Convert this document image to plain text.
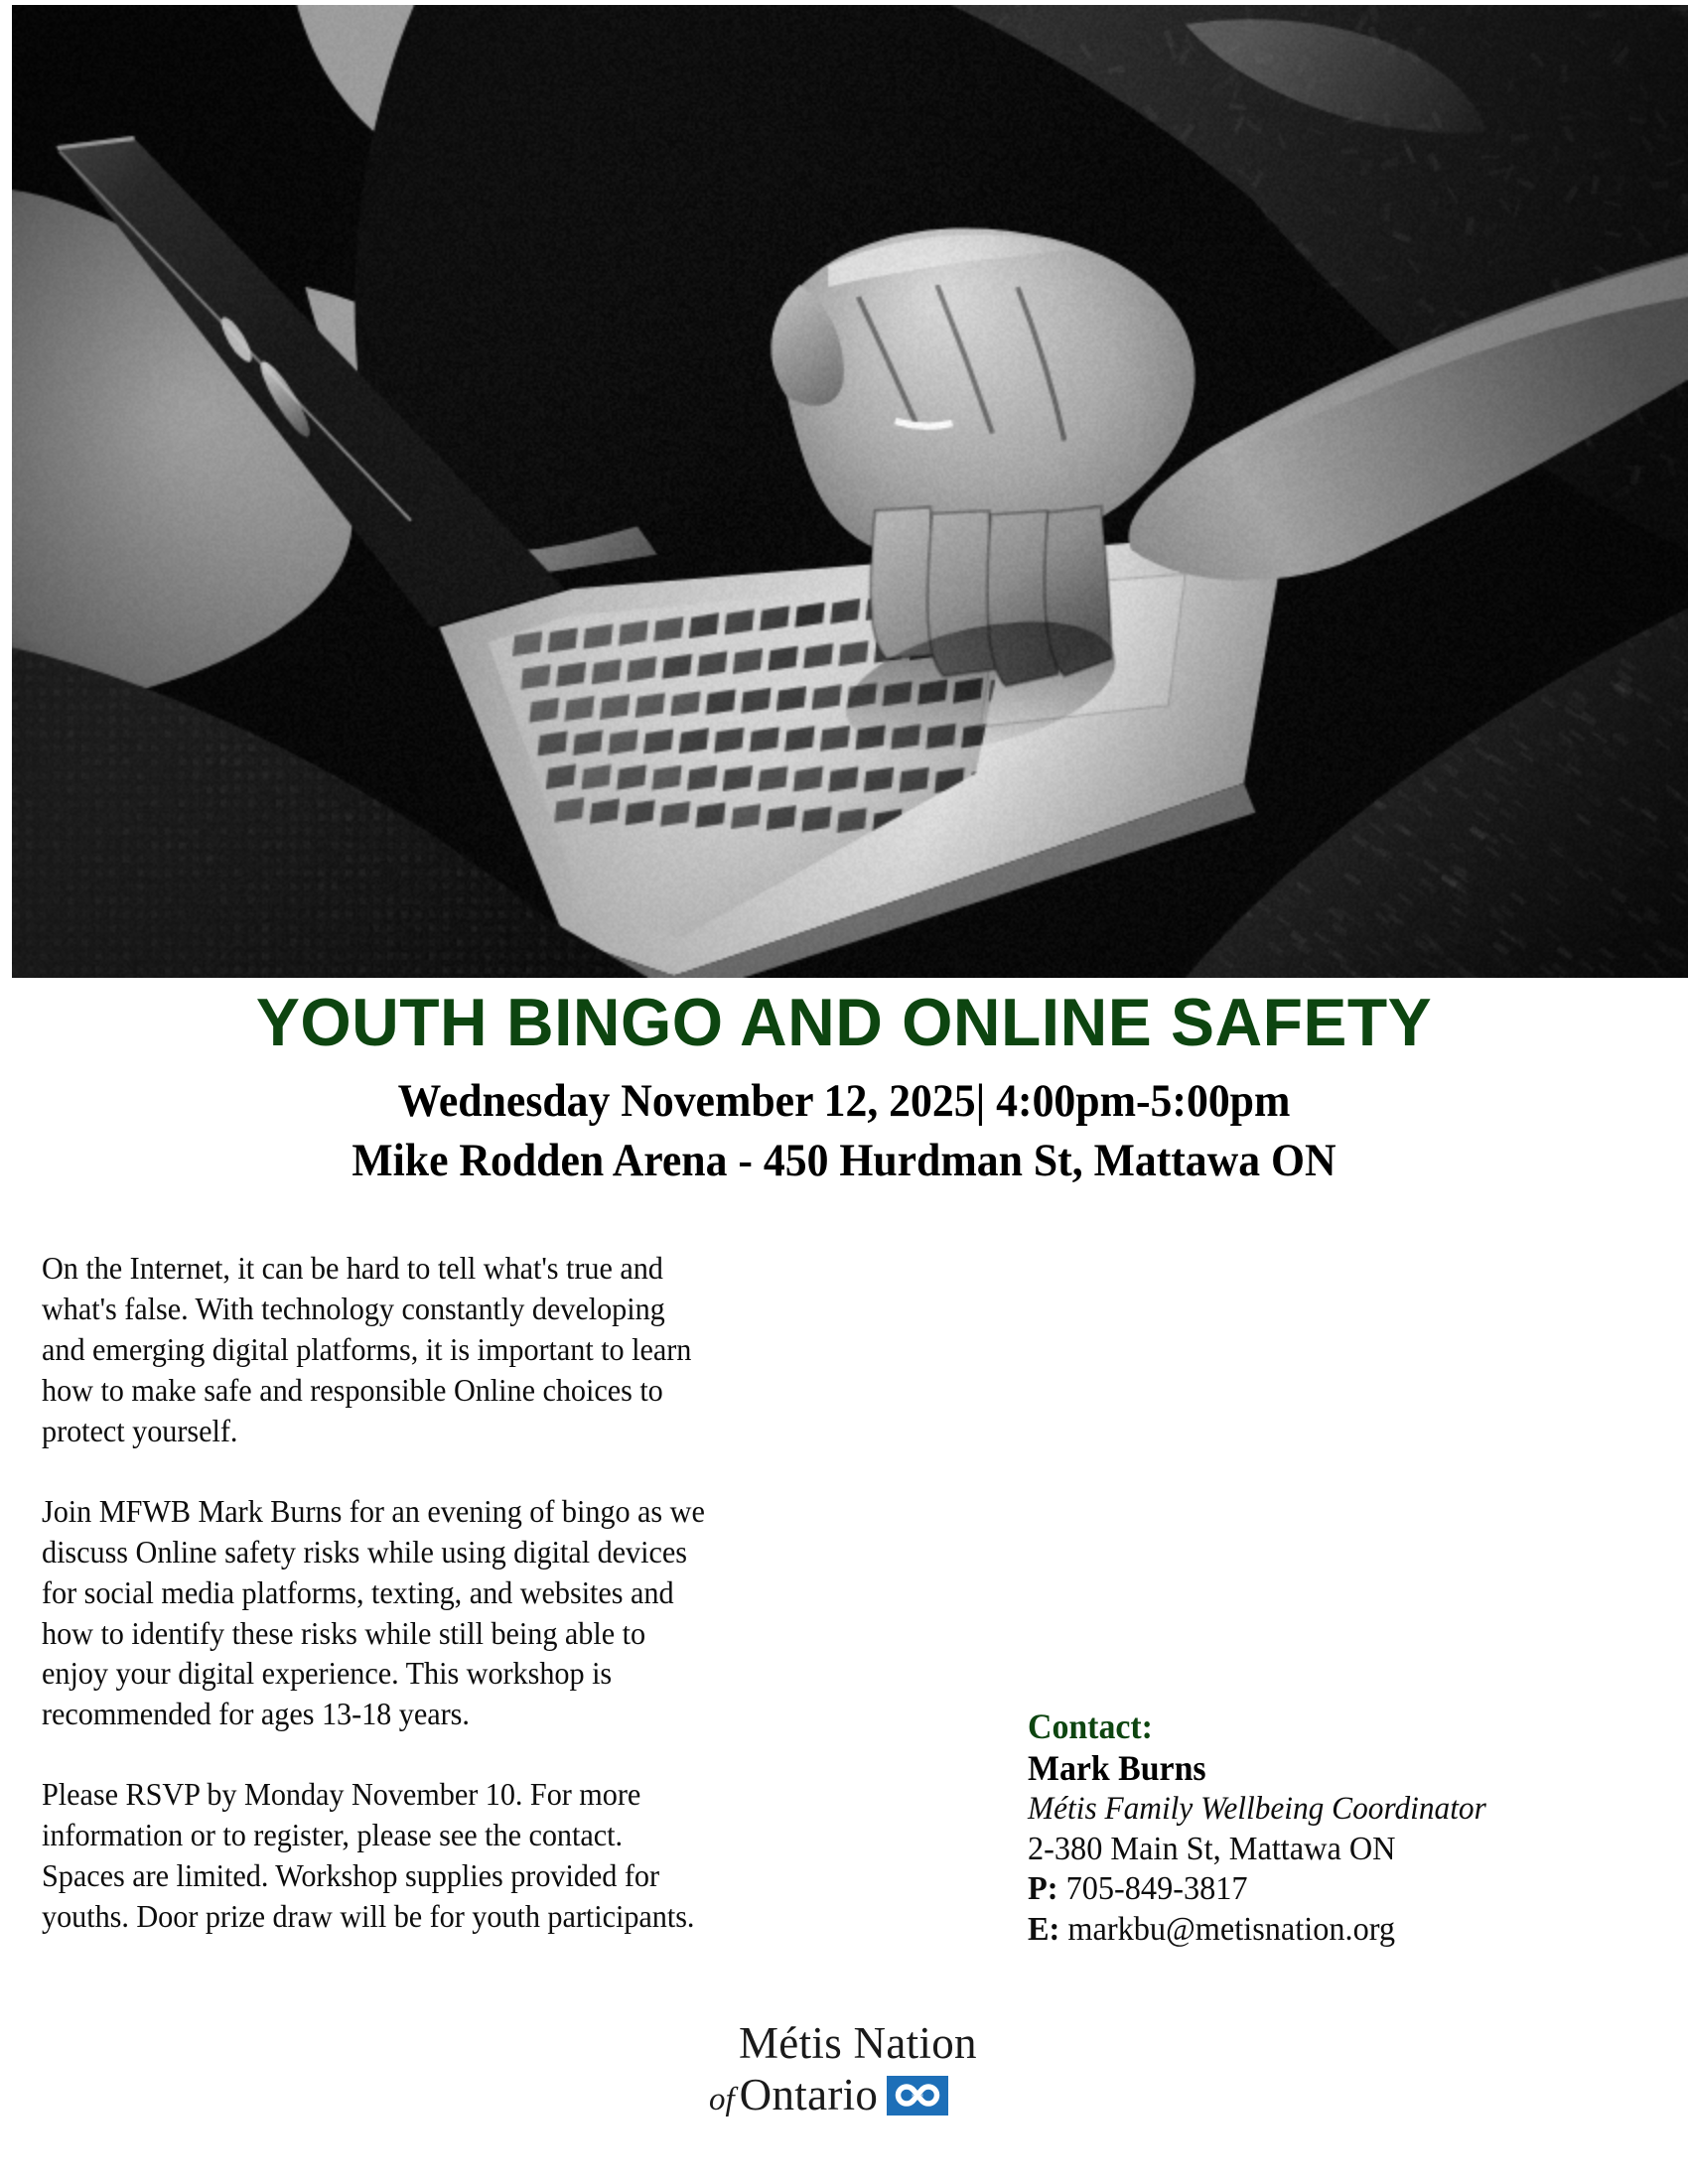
YOUTH BINGO AND ONLINE SAFETY

Wednesday November 12, 2025| 4:00pm-5:00pm

Mike Rodden Arena - 450 Hurdman St, Mattawa ON

On the Internet, it can be hard to tell what's true and what's false. With technology constantly developing and emerging digital platforms, it is important to learn how to make safe and responsible Online choices to protect yourself.

Join MFWB Mark Burns for an evening of bingo as we discuss Online safety risks while using digital devices for social media platforms, texting, and websites and how to identify these risks while still being able to enjoy your digital experience. This workshop is recommended for ages 13-18 years.

Please RSVP by Monday November 10. For more information or to register, please see the contact. Spaces are limited. Workshop supplies provided for youths. Door prize draw will be for youth participants.

Contact:

Mark Burns

Métis Family Wellbeing Coordinator

2-380 Main St, Mattawa ON

P: 705-849-3817

E: markbu@metisnation.org

Métis Nation

of Ontario
